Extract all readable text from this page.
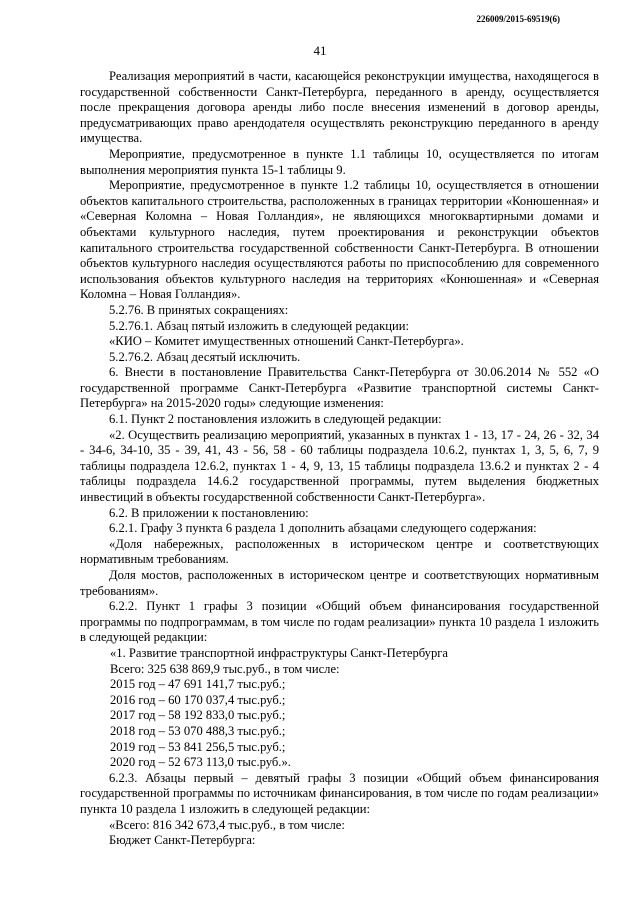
226009/2015-69519(6)
41

Реализация мероприятий в части, касающейся реконструкции имущества, находящегося в государственной собственности Санкт-Петербурга, переданного в аренду, осуществляется после прекращения договора аренды либо после внесения изменений в договор аренды, предусматривающих право арендодателя осуществлять реконструкцию переданного в аренду имущества.

Мероприятие, предусмотренное в пункте 1.1 таблицы 10, осуществляется по итогам выполнения мероприятия пункта 15-1 таблицы 9.

Мероприятие, предусмотренное в пункте 1.2 таблицы 10, осуществляется в отношении объектов капитального строительства, расположенных в границах территории «Конюшенная» и «Северная Коломна – Новая Голландия», не являющихся многоквартирными домами и объектами культурного наследия, путем проектирования и реконструкции объектов капитального строительства государственной собственности Санкт-Петербурга. В отношении объектов культурного наследия осуществляются работы по приспособлению для современного использования объектов культурного наследия на территориях «Конюшенная» и «Северная Коломна – Новая Голландия».

5.2.76. В принятых сокращениях:

5.2.76.1. Абзац пятый изложить в следующей редакции:

«КИО – Комитет имущественных отношений Санкт-Петербурга».

5.2.76.2. Абзац десятый исключить.

6. Внести в постановление Правительства Санкт-Петербурга от 30.06.2014 № 552 «О государственной программе Санкт-Петербурга «Развитие транспортной системы Санкт-Петербурга» на 2015-2020 годы» следующие изменения:

6.1. Пункт 2 постановления изложить в следующей редакции:

«2. Осуществить реализацию мероприятий, указанных в пунктах 1 - 13, 17 - 24, 26 - 32, 34 - 34-6, 34-10, 35 - 39, 41, 43 - 56, 58 - 60 таблицы подраздела 10.6.2, пунктах 1, 3, 5, 6, 7, 9 таблицы подраздела 12.6.2, пунктах 1 - 4, 9, 13, 15 таблицы подраздела 13.6.2 и пунктах 2 - 4 таблицы подраздела 14.6.2 государственной программы, путем выделения бюджетных инвестиций в объекты государственной собственности Санкт-Петербурга».

6.2. В приложении к постановлению:

6.2.1. Графу 3 пункта 6 раздела 1 дополнить абзацами следующего содержания:

«Доля набережных, расположенных в историческом центре и соответствующих нормативным требованиям.

Доля мостов, расположенных в историческом центре и соответствующих нормативным требованиям».

6.2.2. Пункт 1 графы 3 позиции «Общий объем финансирования государственной программы по подпрограммам, в том числе по годам реализации» пункта 10 раздела 1 изложить в следующей редакции:

«1. Развитие транспортной инфраструктуры Санкт-Петербурга

Всего: 325 638 869,9 тыс.руб., в том числе:

2015 год – 47 691 141,7 тыс.руб.;

2016 год – 60 170 037,4 тыс.руб.;

2017 год – 58 192 833,0 тыс.руб.;

2018 год – 53 070 488,3 тыс.руб.;

2019 год – 53 841 256,5 тыс.руб.;

2020 год – 52 673 113,0 тыс.руб.».

6.2.3. Абзацы первый – девятый графы 3 позиции «Общий объем финансирования государственной программы по источникам финансирования, в том числе по годам реализации» пункта 10 раздела 1 изложить в следующей редакции:

«Всего: 816 342 673,4 тыс.руб., в том числе:

Бюджет Санкт-Петербурга:
